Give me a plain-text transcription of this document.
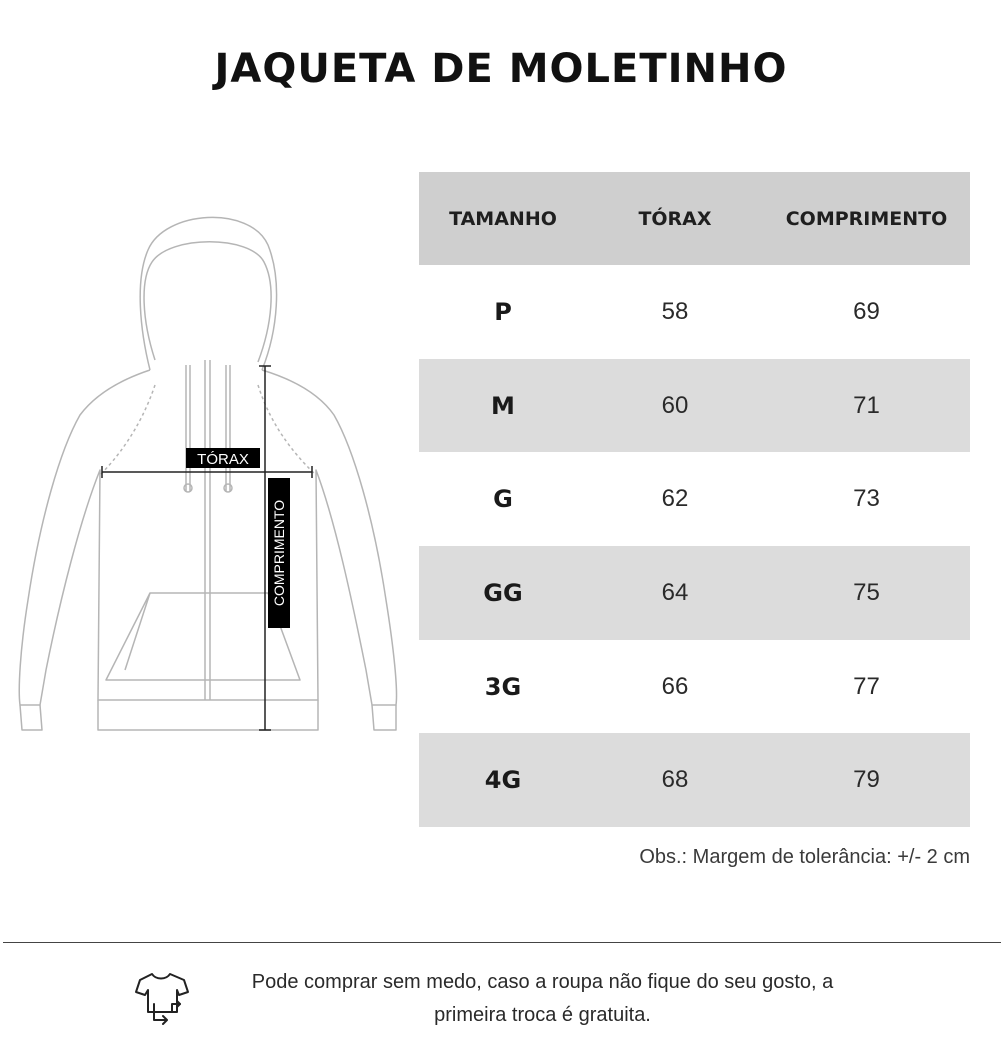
JAQUETA DE MOLETINHO
TÓRAX
COMPRIMENTO
TAMANHO	TÓRAX	COMPRIMENTO
P	58	69
M	60	71
G	62	73
GG	64	75
3G	66	77
4G	68	79
Obs.: Margem de tolerância: +/- 2 cm
Pode comprar sem medo, caso a roupa não fique do seu gosto, a
primeira troca é gratuita.
